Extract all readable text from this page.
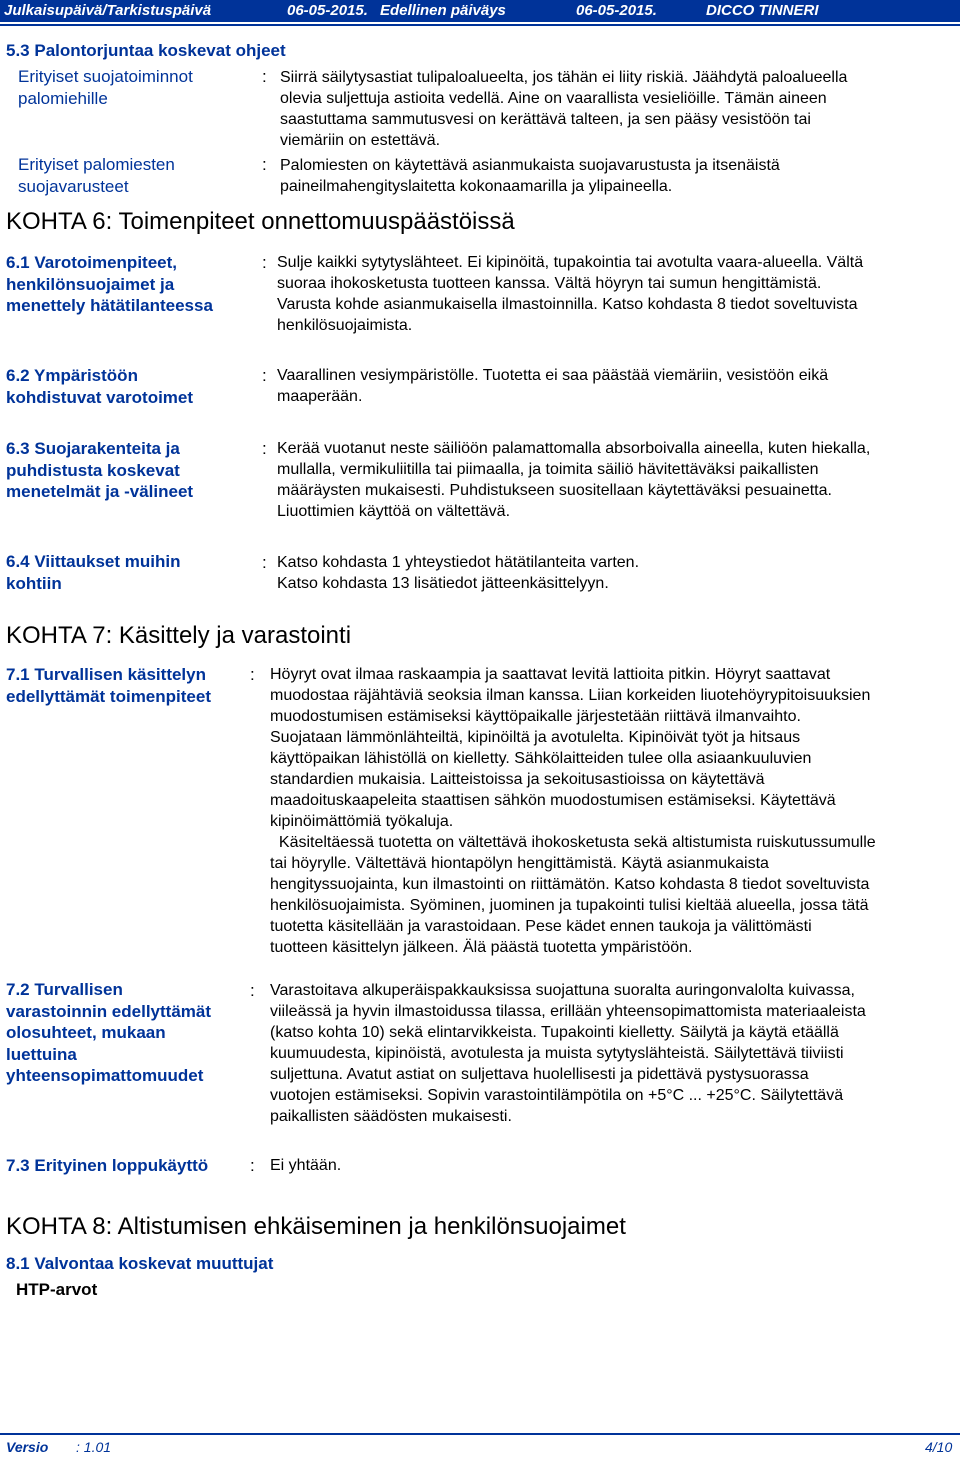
Julkaisupäivä/Tarkistuspäivä	06-05-2015. Edellinen päiväys	06-05-2015.	DICCO TINNERI
5.3 Palontorjuntaa koskevat ohjeet
Erityiset suojatoiminnot
palomiehille
: Siirrä säilytysastiat tulipaloalueelta, jos tähän ei liity riskiä. Jäähdytä paloalueella
olevia suljettuja astioita vedellä. Aine on vaarallista vesieliöille. Tämän aineen
saastuttama sammutusvesi on kerättävä talteen, ja sen pääsy vesistöön tai
viemäriin on estettävä.
Erityiset palomiesten
suojavarusteet
: Palomiesten on käytettävä asianmukaista suojavarustusta ja itsenäistä
paineilmahengityslaitetta kokonaamarilla ja ylipaineella.
KOHTA 6: Toimenpiteet onnettomuuspäästöissä
6.1 Varotoimenpiteet,
henkilönsuojaimet ja
menettely hätätilanteessa
: Sulje kaikki sytytyslähteet. Ei kipinöitä, tupakointia tai avotulta vaara-alueella. Vältä
suoraa ihokosketusta tuotteen kanssa. Vältä höyryn tai sumun hengittämistä.
Varusta kohde asianmukaisella ilmastoinnilla. Katso kohdasta 8 tiedot soveltuvista
henkilösuojaimista.
6.2 Ympäristöön
kohdistuvat varotoimet
: Vaarallinen vesiympäristölle. Tuotetta ei saa päästää viemäriin, vesistöön eikä
maaperään.
6.3 Suojarakenteita ja
puhdistusta koskevat
menetelmät ja -välineet
: Kerää vuotanut neste säiliöön palamattomalla absorboivalla aineella, kuten hiekalla,
mullalla, vermikuliitilla tai piimaalla, ja toimita säiliö hävitettäväksi paikallisten
määräysten mukaisesti. Puhdistukseen suositellaan käytettäväksi pesuainetta.
Liuottimien käyttöä on vältettävä.
6.4 Viittaukset muihin
kohtiin
: Katso kohdasta 1 yhteystiedot hätätilanteita varten.
Katso kohdasta 13 lisätiedot jätteenkäsittelyyn.
KOHTA 7: Käsittely ja varastointi
7.1 Turvallisen käsittelyn
edellyttämät toimenpiteet
: Höyryt ovat ilmaa raskaampia ja saattavat levitä lattioita pitkin. Höyryt saattavat
muodostaa räjähtäviä seoksia ilman kanssa. Liian korkeiden liuotehöyrypitoisuuksien
muodostumisen estämiseksi käyttöpaikalle järjestetään riittävä ilmanvaihto.
Suojataan lämmönlähteiltä, kipinöiltä ja avotulelta. Kipinöivät työt ja hitsaus
käyttöpaikan lähistöllä on kielletty. Sähkölaitteiden tulee olla asiaankuuluvien
standardien mukaisia. Laitteistoissa ja sekoitusastioissa on käytettävä
maadoituskaapeleita staattisen sähkön muodostumisen estämiseksi. Käytettävä
kipinöimättömiä työkaluja.
Käsiteltäessä tuotetta on vältettävä ihokosketusta sekä altistumista ruiskutussumulle
tai höyrylle. Vältettävä hiontapölyn hengittämistä. Käytä asianmukaista
hengityssuojainta, kun ilmastointi on riittämätön. Katso kohdasta 8 tiedot soveltuvista
henkilösuojaimista. Syöminen, juominen ja tupakointi tulisi kieltää alueella, jossa tätä
tuotetta käsitellään ja varastoidaan. Pese kädet ennen taukoja ja välittömästi
tuotteen käsittelyn jälkeen. Älä päästä tuotetta ympäristöön.
7.2 Turvallisen
varastoinnin edellyttämät
olosuhteet, mukaan
luettuina
yhteensopimattomuudet
: Varastoitava alkuperäispakkauksissa suojattuna suoralta auringonvalolta kuivassa,
viileässä ja hyvin ilmastoidussa tilassa, erillään yhteensopimattomista materiaaleista
(katso kohta 10) sekä elintarvikkeista. Tupakointi kielletty. Säilytä ja käytä etäällä
kuumuudesta, kipinöistä, avotulesta ja muista sytytyslähteistä. Säilytettävä tiiviisti
suljettuna. Avatut astiat on suljettava huolellisesti ja pidettävä pystysuorassa
vuotojen estämiseksi. Sopivin varastointilämpötila on +5°C ... +25°C. Säilytettävä
paikallisten säädösten mukaisesti.
7.3 Erityinen loppukäyttö : Ei yhtään.
KOHTA 8: Altistumisen ehkäiseminen ja henkilönsuojaimet
8.1 Valvontaa koskevat muuttujat
HTP-arvot
Versio : 1.01	4/10
